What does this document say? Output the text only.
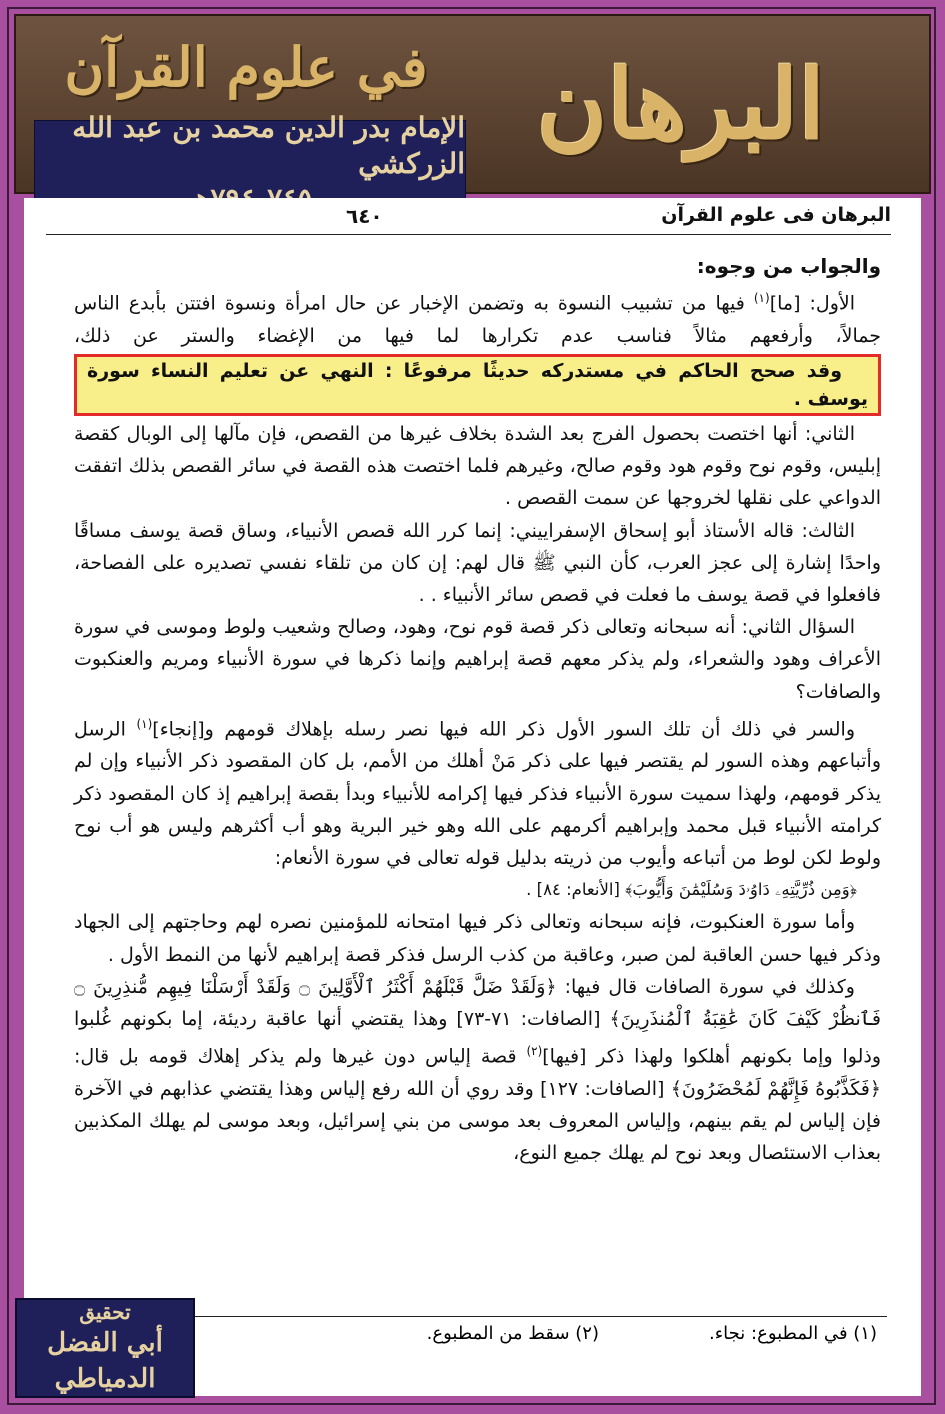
البرهان
في علوم القرآن
الإمام بدر الدين محمد بن عبد الله الزركشي
البرهان فى علوم القرآن
٦٤٠

والجواب من وجوه:

الأول: [ما]$^{(١)}$ فيها من تشبيب النسوة به وتضمن الإخبار عن حال امرأة ونسوة افتتن بأبدع الناس جمالاً، وأرفعهم مثالاً فناسب عدم تكرارها لما فيها من الإغضاء والستر عن ذلك، وقد صحح الحاكم في مستدركه حديثًا مرفوعًا : النهي عن تعليم النساء سورة يوسف .

الثاني: أنها اختصت بحصول الفرج بعد الشدة بخلاف غيرها من القصص، فإن مآلها إلى الوبال كقصة إبليس، وقوم نوح وقوم هود وقوم صالح، وغيرهم فلما اختصت هذه القصة في سائر القصص بذلك اتفقت الدواعي على نقلها لخروجها عن سمت القصص .

الثالث: قاله الأستاذ أبو إسحاق الإسفراييني: إنما كرر الله قصص الأنبياء، وساق قصة يوسف مساقًا واحدًا إشارة إلى عجز العرب، كأن النبي ﷺ قال لهم: إن كان من تلقاء نفسي تصديره على الفصاحة، فافعلوا في قصة يوسف ما فعلت في قصص سائر الأنبياء . .

السؤال الثاني: أنه سبحانه وتعالى ذكر قصة قوم نوح، وهود، وصالح وشعيب ولوط وموسى في سورة الأعراف وهود والشعراء، ولم يذكر معهم قصة إبراهيم وإنما ذكرها في سورة الأنبياء ومريم والعنكبوت والصافات؟

والسر في ذلك أن تلك السور الأول ذكر الله فيها نصر رسله بإهلاك قومهم و[إنجاء]$^{(١)}$ الرسل وأتباعهم وهذه السور لم يقتصر فيها على ذكر مَنْ أهلك من الأمم، بل كان المقصود ذكر الأنبياء وإن لم يذكر قومهم، ولهذا سميت سورة الأنبياء فذكر فيها إكرامه للأنبياء وبدأ بقصة إبراهيم إذ كان المقصود ذكر كرامته الأنبياء قبل محمد وإبراهيم أكرمهم على الله وهو خير البرية وهو أب أكثرهم وليس هو أب نوح ولوط لكن لوط من أتباعه وأيوب من ذريته بدليل قوله تعالى في سورة الأنعام:

﴿وَمِن ذُرِّيَّتِهِۦ دَاوُۥدَ وَسُلَيْمَٰنَ وَأَيُّوبَ﴾ [الأنعام: ٨٤] .

وأما سورة العنكبوت، فإنه سبحانه وتعالى ذكر فيها امتحانه للمؤمنين نصره لهم وحاجتهم إلى الجهاد وذكر فيها حسن العاقبة لمن صبر، وعاقبة من كذب الرسل فذكر قصة إبراهيم لأنها من النمط الأول .

وكذلك في سورة الصافات قال فيها: ﴿وَلَقَدْ ضَلَّ قَبْلَهُمْ أَكْثَرُ ٱلْأَوَّلِينَ ۝ وَلَقَدْ أَرْسَلْنَا فِيهِم مُّنذِرِينَ ۝ فَٱنظُرْ كَيْفَ كَانَ عَٰقِبَةُ ٱلْمُنذَرِينَ﴾ [الصافات: ٧١-٧٣] وهذا يقتضي أنها عاقبة رديئة، إما بكونهم غُلبوا وذلوا وإما بكونهم أهلكوا ولهذا ذكر [فيها]$^{(٢)}$ قصة إلياس دون غيرها ولم يذكر إهلاك قومه بل قال: ﴿فَكَذَّبُوهُ فَإِنَّهُمْ لَمُحْضَرُونَ﴾ [الصافات: ١٢٧] وقد روي أن الله رفع إلياس وهذا يقتضي عذابهم في الآخرة فإن إلياس لم يقم بينهم، وإلياس المعروف بعد موسى من بني إسرائيل، وبعد موسى لم يهلك المكذبين بعذاب الاستئصال وبعد نوح لم يهلك جميع النوع،

(١) في المطبوع: نجاء.
(٢) سقط من المطبوع.
تحقيق
أبي الفضل الدمياطي
